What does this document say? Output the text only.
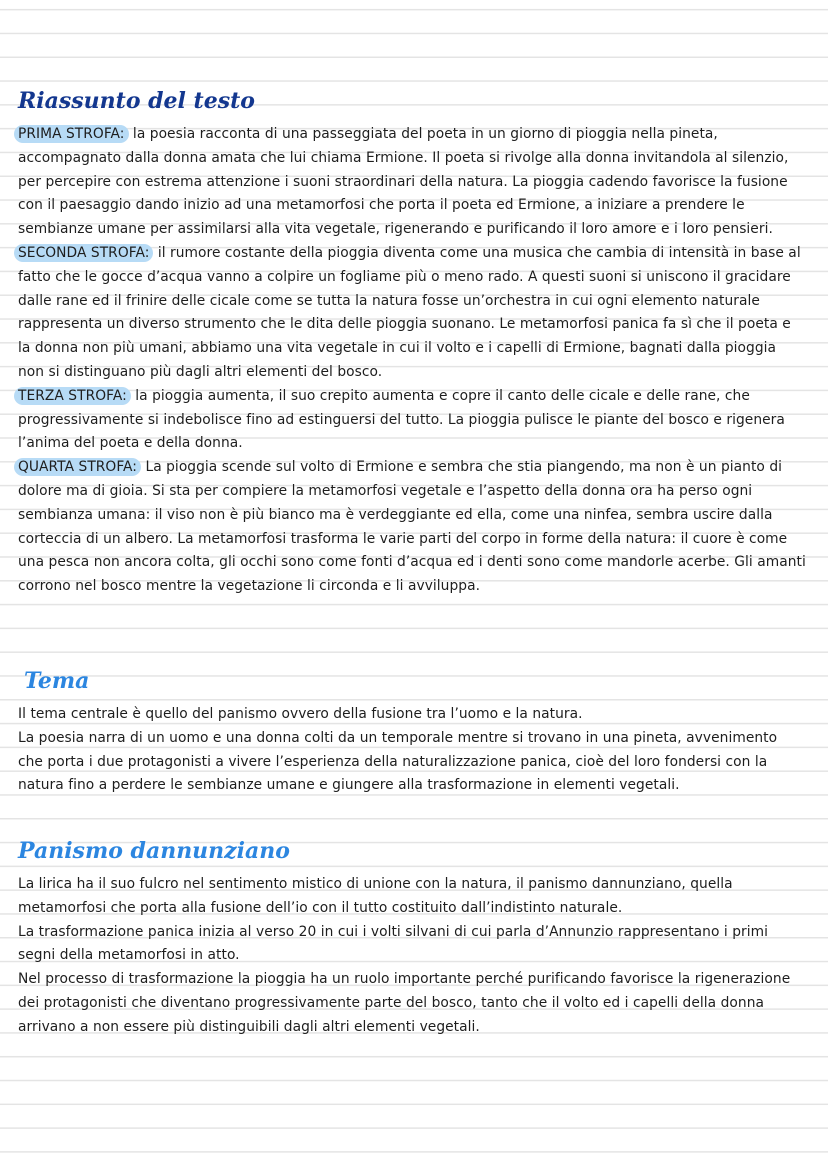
Riassunto del testo

PRIMA STROFA: la poesia racconta di una passeggiata del poeta in un giorno di pioggia nella pineta, accompagnato dalla donna amata che lui chiama Ermione. Il poeta si rivolge alla donna invitandola al silenzio, per percepire con estrema attenzione i suoni straordinari della natura. La pioggia cadendo favorisce la fusione con il paesaggio dando inizio ad una metamorfosi che porta il poeta ed Ermione, a iniziare a prendere le sembianze umane per assimilarsi alla vita vegetale, rigenerando e purificando il loro amore e i loro pensieri.

SECONDA STROFA: il rumore costante della pioggia diventa come una musica che cambia di intensità in base al fatto che le gocce d’acqua vanno a colpire un fogliame più o meno rado. A questi suoni si uniscono il gracidare dalle rane ed il frinire delle cicale come se tutta la natura fosse un’orchestra in cui ogni elemento naturale rappresenta un diverso strumento che le dita delle pioggia suonano. Le metamorfosi panica fa sì che il poeta e la donna non più umani, abbiamo una vita vegetale in cui il volto e i capelli di Ermione, bagnati dalla pioggia non si distinguano più dagli altri elementi del bosco.

TERZA STROFA: la pioggia aumenta, il suo crepito aumenta e copre il canto delle cicale e delle rane, che progressivamente si indebolisce fino ad estinguersi del tutto. La pioggia pulisce le piante del bosco e rigenera l’anima del poeta e della donna.

QUARTA STROFA: La pioggia scende sul volto di Ermione e sembra che stia piangendo, ma non è un pianto di dolore ma di gioia. Si sta per compiere la metamorfosi vegetale e l’aspetto della donna ora ha perso ogni sembianza umana: il viso non è più bianco ma è verdeggiante ed ella, come una ninfea, sembra uscire dalla corteccia di un albero. La metamorfosi trasforma le varie parti del corpo in forme della natura: il cuore è come una pesca non ancora colta, gli occhi sono come fonti d’acqua ed i denti sono come mandorle acerbe. Gli amanti corrono nel bosco mentre la vegetazione li circonda e li avviluppa.

Tema

Il tema centrale è quello del panismo ovvero della fusione tra l’uomo e la natura.

La poesia narra di un uomo e una donna colti da un temporale mentre si trovano in una pineta, avvenimento che porta i due protagonisti a vivere l’esperienza della naturalizzazione panica, cioè del loro fondersi con la natura fino a perdere le sembianze umane e giungere alla trasformazione in elementi vegetali.

Panismo dannunziano

La lirica ha il suo fulcro nel sentimento mistico di unione con la natura, il panismo dannunziano, quella metamorfosi che porta alla fusione dell’io con il tutto costituito dall’indistinto naturale.

La trasformazione panica inizia al verso 20 in cui i volti silvani di cui parla d’Annunzio rappresentano i primi segni della metamorfosi in atto.

Nel processo di trasformazione la pioggia ha un ruolo importante perché purificando favorisce la rigenerazione dei protagonisti che diventano progressivamente parte del bosco, tanto che il volto ed i capelli della donna arrivano a non essere più distinguibili dagli altri elementi vegetali.
